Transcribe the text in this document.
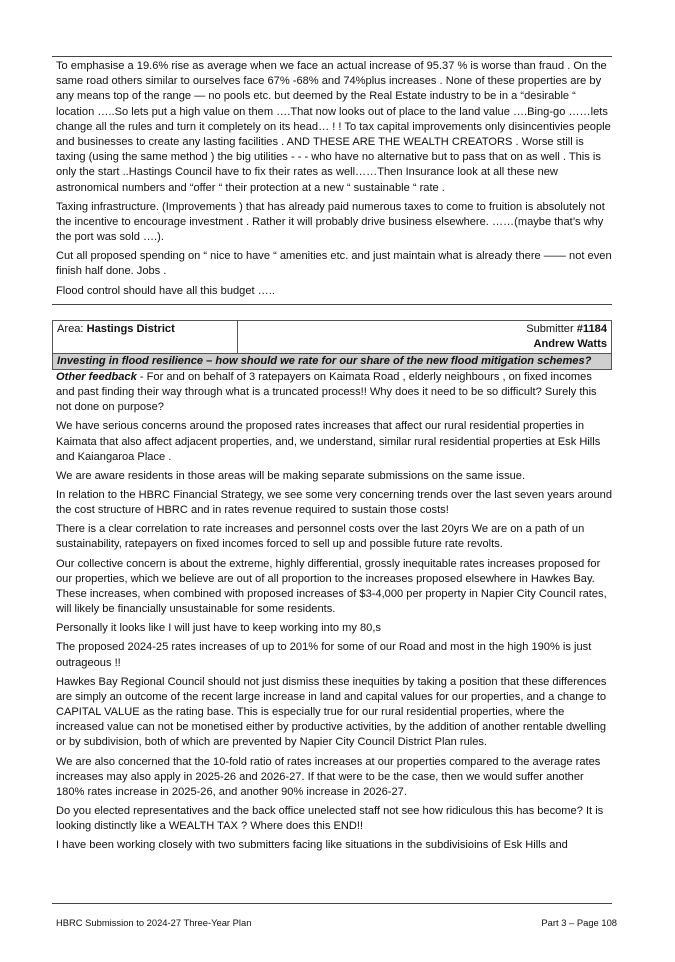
To emphasise a 19.6% rise as average when we face an actual increase of 95.37 % is worse than fraud . On the same road others similar to ourselves face 67% -68% and 74%plus increases . None of these properties are by any means top of the range — no pools etc. but deemed by the Real Estate industry to be in a “desirable “ location …..So lets put a high value on them ….That now looks out of place to the land value ….Bing-go ……lets change all the rules and turn it completely on its head… ! ! To tax capital improvements only disincentivies people and businesses to create any lasting facilities . AND THESE ARE THE WEALTH CREATORS . Worse still is taxing (using the same method ) the big utilities - - - who have no alternative but to pass that on as well . This is only the start ..Hastings Council have to fix their rates as well……Then Insurance look at all these new astronomical numbers and “offer “ their protection at a new “ sustainable “ rate .

Taxing infrastructure. (Improvements ) that has already paid numerous taxes to come to fruition is absolutely not the incentive to encourage investment . Rather it will probably drive business elsewhere. ……(maybe that’s why the port was sold ….).

Cut all proposed spending on “ nice to have “ amenities etc. and just maintain what is already there —— not even finish half done. Jobs .

Flood control should have all this budget …..

Area: Hastings District	Submitter #1184
Andrew Watts
Investing in flood resilience – how should we rate for our share of the new flood mitigation schemes?

Other feedback - For and on behalf of 3 ratepayers on Kaimata Road , elderly neighbours , on fixed incomes and past finding their way through what is a truncated process!! Why does it need to be so difficult? Surely this not done on purpose?

We have serious concerns around the proposed rates increases that affect our rural residential properties in Kaimata that also affect adjacent properties, and, we understand, similar rural residential properties at Esk Hills and Kaiangaroa Place .

We are aware residents in those areas will be making separate submissions on the same issue.

In relation to the HBRC Financial Strategy, we see some very concerning trends over the last seven years around the cost structure of HBRC and in rates revenue required to sustain those costs!

There is a clear correlation to rate increases and personnel costs over the last 20yrs We are on a path of un sustainability, ratepayers on fixed incomes forced to sell up and possible future rate revolts.

Our collective concern is about the extreme, highly differential, grossly inequitable rates increases proposed for our properties, which we believe are out of all proportion to the increases proposed elsewhere in Hawkes Bay. These increases, when combined with proposed increases of $3-4,000 per property in Napier City Council rates, will likely be financially unsustainable for some residents.

Personally it looks like I will just have to keep working into my 80,s

The proposed 2024-25 rates increases of up to 201% for some of our Road and most in the high 190% is just outrageous !!

Hawkes Bay Regional Council should not just dismiss these inequities by taking a position that these differences are simply an outcome of the recent large increase in land and capital values for our properties, and a change to CAPITAL VALUE as the rating base. This is especially true for our rural residential properties, where the increased value can not be monetised either by productive activities, by the addition of another rentable dwelling or by subdivision, both of which are prevented by Napier City Council District Plan rules.

We are also concerned that the 10-fold ratio of rates increases at our properties compared to the average rates increases may also apply in 2025-26 and 2026-27. If that were to be the case, then we would suffer another 180% rates increase in 2025-26, and another 90% increase in 2026-27.

Do you elected representatives and the back office unelected staff not see how ridiculous this has become? It is looking distinctly like a WEALTH TAX ? Where does this END!!

I have been working closely with two submitters facing like situations in the subdivisioins of Esk Hills and

HBRC Submission to 2024-27 Three-Year Plan	Part 3 – Page 108
